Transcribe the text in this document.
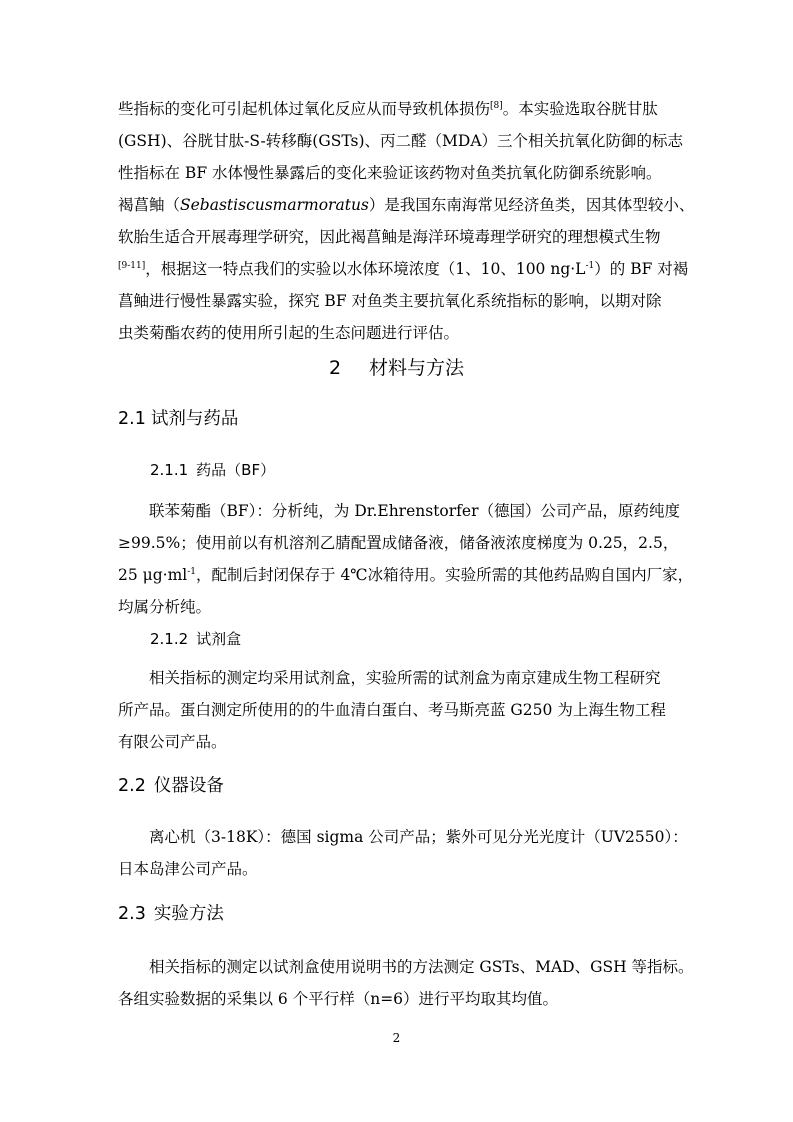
些指标的变化可引起机体过氧化反应从而导致机体损伤[8]。本实验选取谷胱甘肽
(GSH)、谷胱甘肽-S-转移酶(GSTs)、丙二醛（MDA）三个相关抗氧化防御的标志
性指标在 BF 水体慢性暴露后的变化来验证该药物对鱼类抗氧化防御系统影响。
褐菖鲉（Sebastiscusmarmoratus）是我国东南海常见经济鱼类，因其体型较小、
软胎生适合开展毒理学研究，因此褐菖鲉是海洋环境毒理学研究的理想模式生物
[9-11]，根据这一特点我们的实验以水体环境浓度（1、10、100 $ng\cdot L^{-1}$）的 BF 对褐
菖鲉进行慢性暴露实验，探究 BF 对鱼类主要抗氧化系统指标的影响，以期对除
虫类菊酯农药的使用所引起的生态问题进行评估。
2 材料与方法
2.1 试剂与药品
2.1.1 药品（BF）
联苯菊酯（BF）：分析纯，为 Dr.Ehrenstorfer（德国）公司产品，原药纯度
≥99.5%；使用前以有机溶剂乙腈配置成储备液，储备液浓度梯度为 0.25，2.5，
25 $\mu g\cdot ml^{-1}$，配制后封闭保存于 4℃冰箱待用。实验所需的其他药品购自国内厂家，
均属分析纯。
2.1.2 试剂盒
相关指标的测定均采用试剂盒，实验所需的试剂盒为南京建成生物工程研究
所产品。蛋白测定所使用的的牛血清白蛋白、考马斯亮蓝 G250 为上海生物工程
有限公司产品。
2.2 仪器设备
离心机（3-18K）：德国 sigma 公司产品；紫外可见分光光度计（UV2550）：
日本岛津公司产品。
2.3 实验方法
相关指标的测定以试剂盒使用说明书的方法测定 GSTs、MAD、GSH 等指标。
各组实验数据的采集以 6 个平行样（n=6）进行平均取其均值。
2
